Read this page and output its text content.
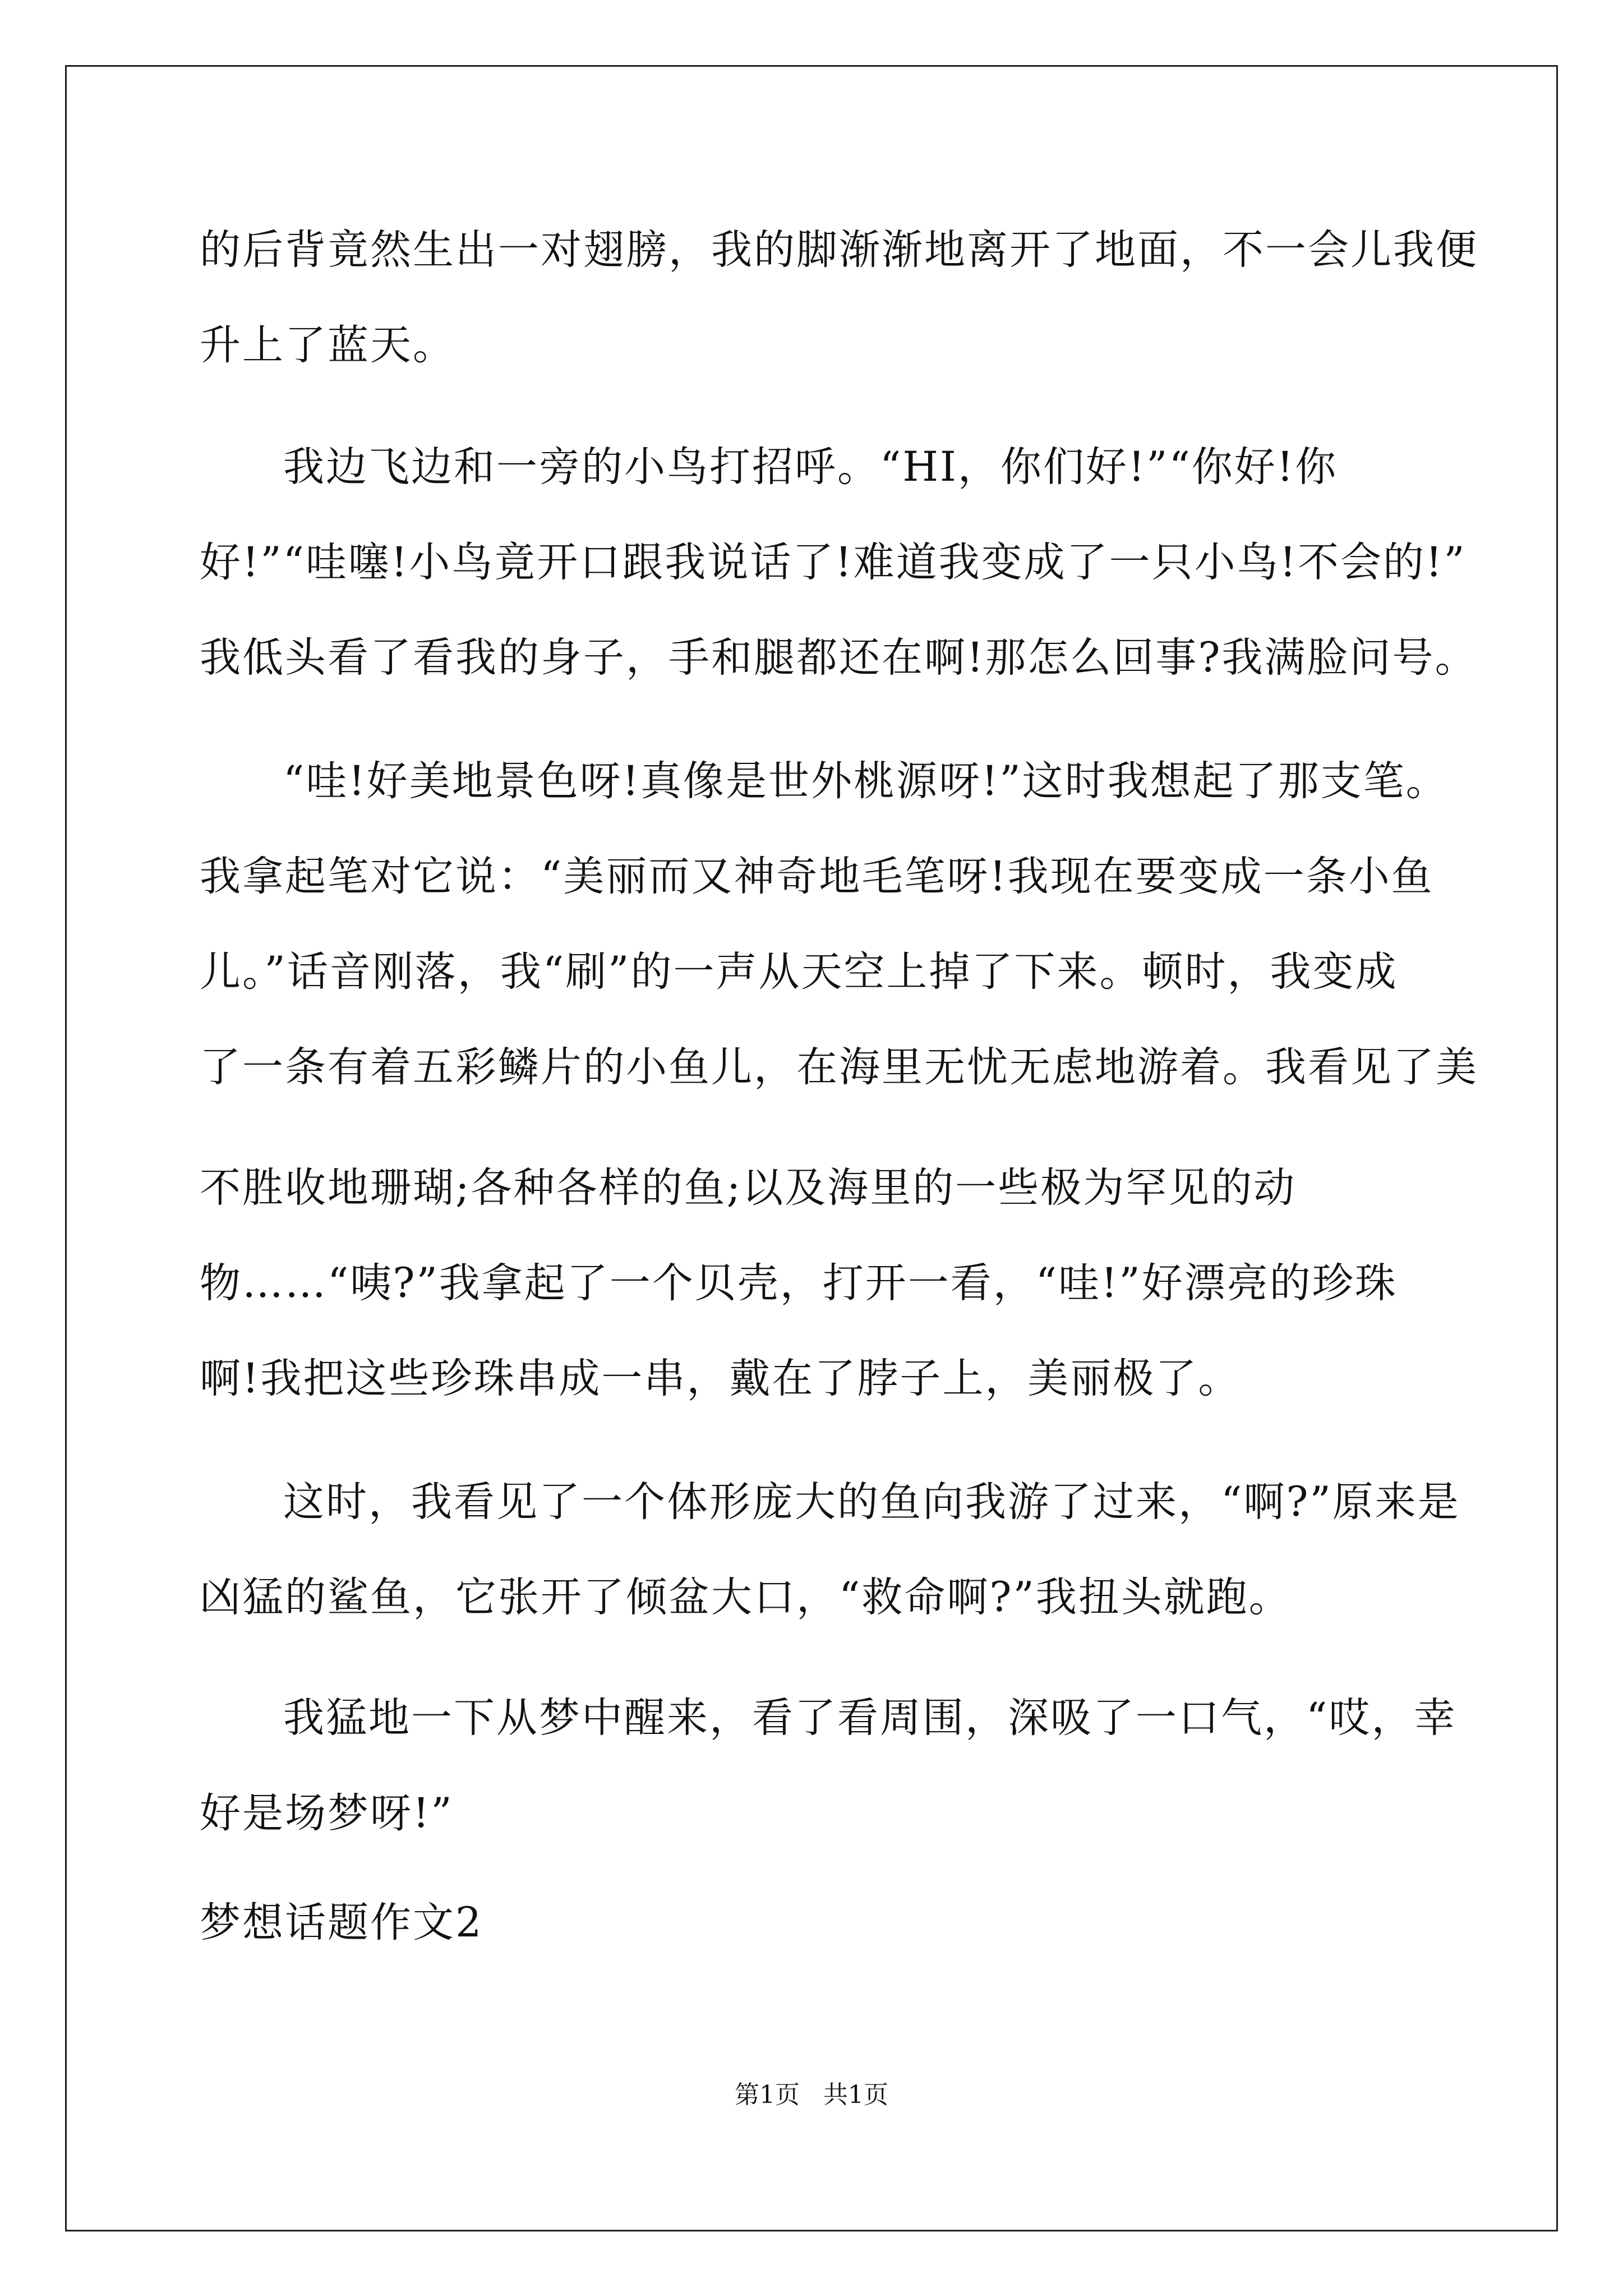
的后背竟然生出一对翅膀，我的脚渐渐地离开了地面，不一会儿我便
升上了蓝天。
我边飞边和一旁的小鸟打招呼。“HI，你们好!”“你好!你
好!”“哇噻!小鸟竟开口跟我说话了!难道我变成了一只小鸟!不会的!”
我低头看了看我的身子，手和腿都还在啊!那怎么回事?我满脸问号。
“哇!好美地景色呀!真像是世外桃源呀!”这时我想起了那支笔。
我拿起笔对它说：“美丽而又神奇地毛笔呀!我现在要变成一条小鱼
儿。”话音刚落，我“刷”的一声从天空上掉了下来。顿时，我变成
了一条有着五彩鳞片的小鱼儿，在海里无忧无虑地游着。我看见了美
不胜收地珊瑚;各种各样的鱼;以及海里的一些极为罕见的动
物……“咦?”我拿起了一个贝壳，打开一看，“哇!”好漂亮的珍珠
啊!我把这些珍珠串成一串，戴在了脖子上，美丽极了。
这时，我看见了一个体形庞大的鱼向我游了过来，“啊?”原来是
凶猛的鲨鱼，它张开了倾盆大口，“救命啊?”我扭头就跑。
我猛地一下从梦中醒来，看了看周围，深吸了一口气，“哎，幸
好是场梦呀!”
梦想话题作文2
第1页 共1页
